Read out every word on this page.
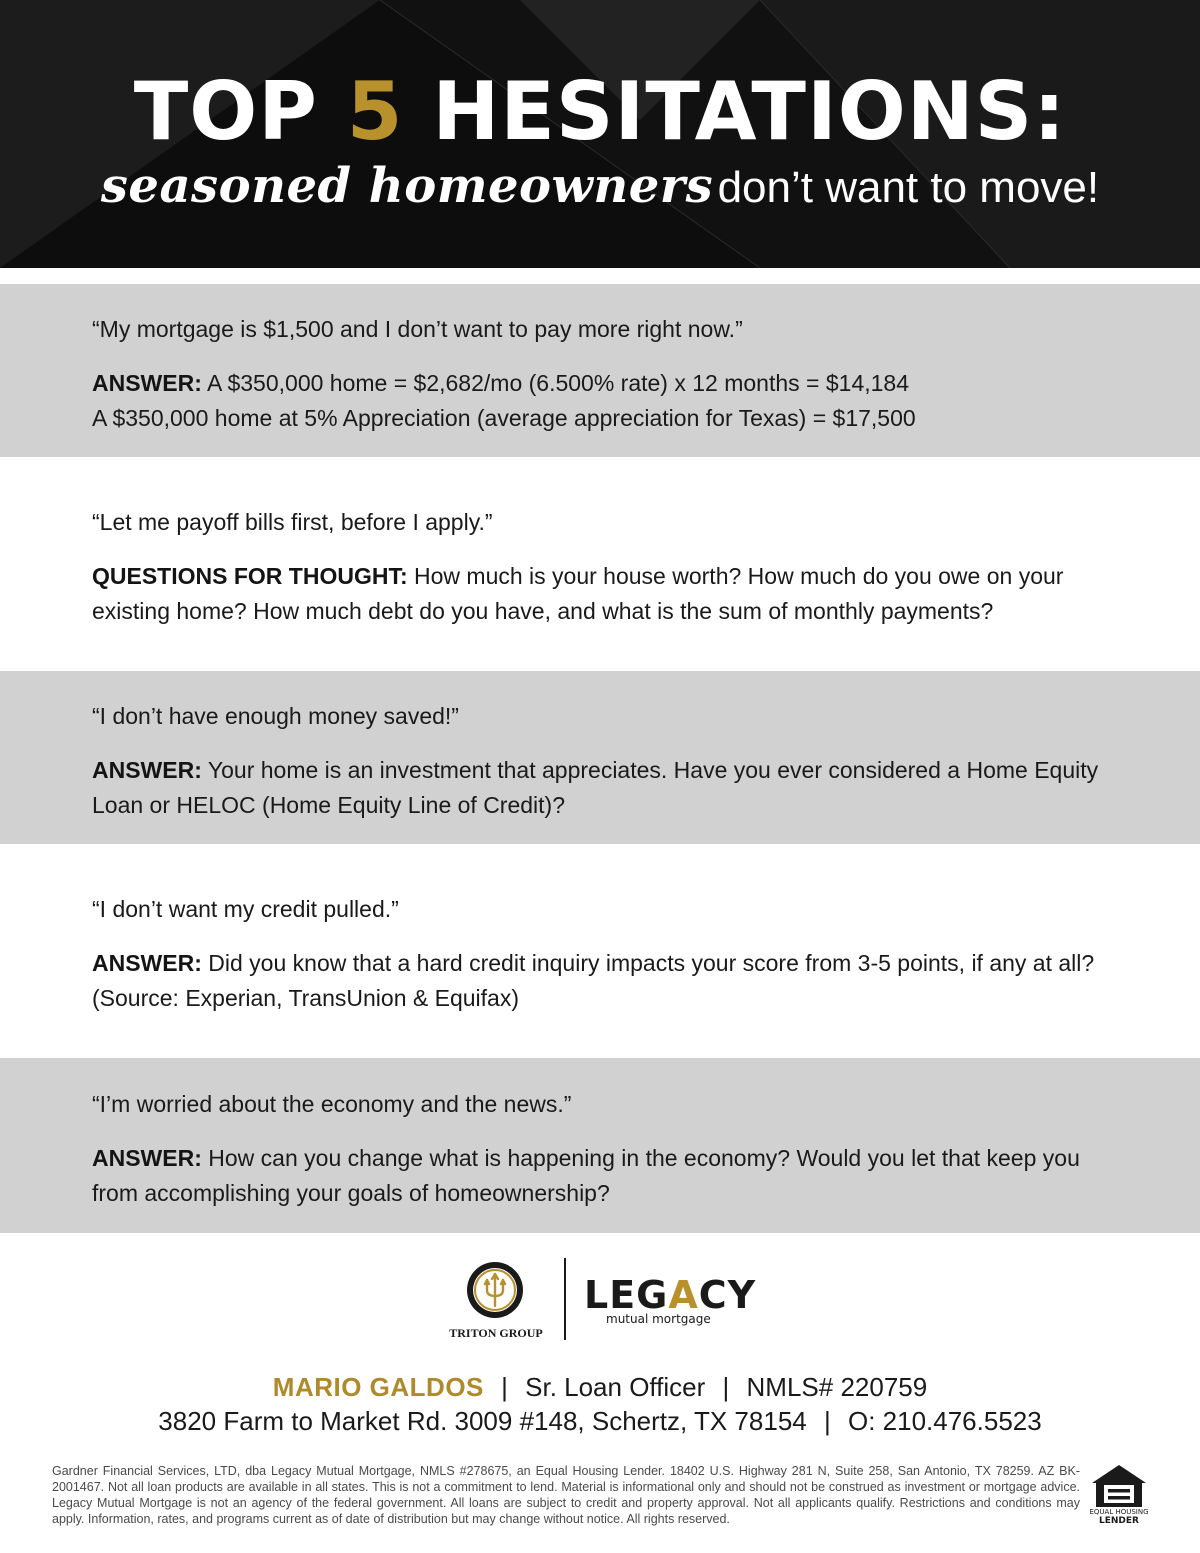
TOP 5 HESITATIONS:
seasoned homeowners don’t want to move!
“My mortgage is $1,500 and I don’t want to pay more right now.”
ANSWER: A $350,000 home = $2,682/mo (6.500% rate) x 12 months = $14,184
A $350,000 home at 5% Appreciation (average appreciation for Texas) = $17,500
“Let me payoff bills first, before I apply.”
QUESTIONS FOR THOUGHT: How much is your house worth? How much do you owe on your existing home? How much debt do you have, and what is the sum of monthly payments?
“I don’t have enough money saved!”
ANSWER: Your home is an investment that appreciates. Have you ever considered a Home Equity Loan or HELOC (Home Equity Line of Credit)?
“I don’t want my credit pulled.”
ANSWER: Did you know that a hard credit inquiry impacts your score from 3-5 points, if any at all? (Source: Experian, TransUnion & Equifax)
“I’m worried about the economy and the news.”
ANSWER: How can you change what is happening in the economy? Would you let that keep you from accomplishing your goals of homeownership?
TRITON GROUP
LEGACY
mutual mortgage
MARIO GALDOS | Sr. Loan Officer | NMLS# 220759
3820 Farm to Market Rd. 3009 #148, Schertz, TX 78154 | O: 210.476.5523
Gardner Financial Services, LTD, dba Legacy Mutual Mortgage, NMLS #278675, an Equal Housing Lender. 18402 U.S. Highway 281 N, Suite 258, San Antonio, TX 78259. AZ BK-2001467. Not all loan products are available in all states. This is not a commitment to lend. Material is informational only and should not be construed as investment or mortgage advice. Legacy Mutual Mortgage is not an agency of the federal government. All loans are subject to credit and property approval. Not all applicants qualify. Restrictions and conditions may apply. Information, rates, and programs current as of date of distribution but may change without notice. All rights reserved.	EQUAL HOUSING
LENDER
